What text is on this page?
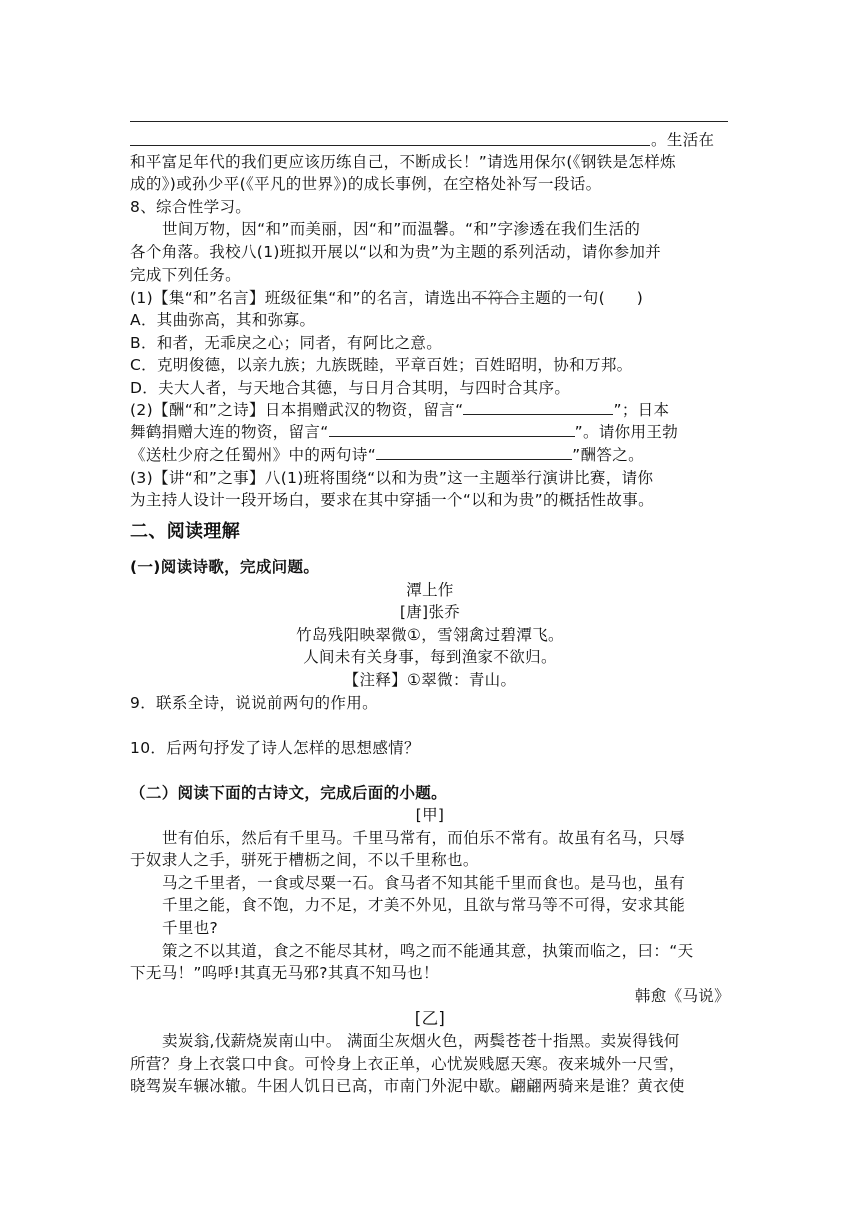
。生活在
和平富足年代的我们更应该历练自己，不断成长！”请选用保尔(《钢铁是怎样炼
成的》)或孙少平(《平凡的世界》)的成长事例，在空格处补写一段话。
8、综合性学习。
世间万物，因“和”而美丽，因“和”而温馨。“和”字渗透在我们生活的
各个角落。我校八(1)班拟开展以“以和为贵”为主题的系列活动，请你参加并
完成下列任务。
(1)【集“和”名言】班级征集“和”的名言，请选出不符合主题的一句(　　)
A．其曲弥高，其和弥寡。
B．和者，无乖戾之心；同者，有阿比之意。
C．克明俊德，以亲九族；九族既睦，平章百姓；百姓昭明，协和万邦。
D．夫大人者，与天地合其德，与日月合其明，与四时合其序。
(2)【酬“和”之诗】日本捐赠武汉的物资，留言“	”；日本
舞鹤捐赠大连的物资，留言“	”。请你用王勃
《送杜少府之任蜀州》中的两句诗“	”酬答之。
(3)【讲“和”之事】八(1)班将围绕“以和为贵”这一主题举行演讲比赛，请你
为主持人设计一段开场白，要求在其中穿插一个“以和为贵”的概括性故事。
二、阅读理解
(一)阅读诗歌，完成问题。
潭上作
[唐]张乔
竹岛残阳映翠微①，雪翎禽过碧潭飞。
人间未有关身事，每到渔家不欲归。
【注释】①翠微：青山。
9．联系全诗，说说前两句的作用。
10．后两句抒发了诗人怎样的思想感情？
（二）阅读下面的古诗文，完成后面的小题。
[甲]
世有伯乐，然后有千里马。千里马常有，而伯乐不常有。故虽有名马，只辱
于奴隶人之手，骈死于槽枥之间，不以千里称也。
马之千里者，一食或尽粟一石。食马者不知其能千里而食也。是马也，虽有
千里之能，食不饱，力不足，才美不外见，且欲与常马等不可得，安求其能
千里也?
策之不以其道，食之不能尽其材，鸣之而不能通其意，执策而临之，曰：“天
下无马！”呜呼!其真无马邪?其真不知马也！
韩愈《马说》
[乙]
卖炭翁,伐薪烧炭南山中。 满面尘灰烟火色，两鬓苍苍十指黑。卖炭得钱何
所营？身上衣裳口中食。可怜身上衣正单，心忧炭贱愿天寒。夜来城外一尺雪，
晓驾炭车辗冰辙。牛困人饥日已高，市南门外泥中歇。翩翩两骑来是谁？黄衣使
